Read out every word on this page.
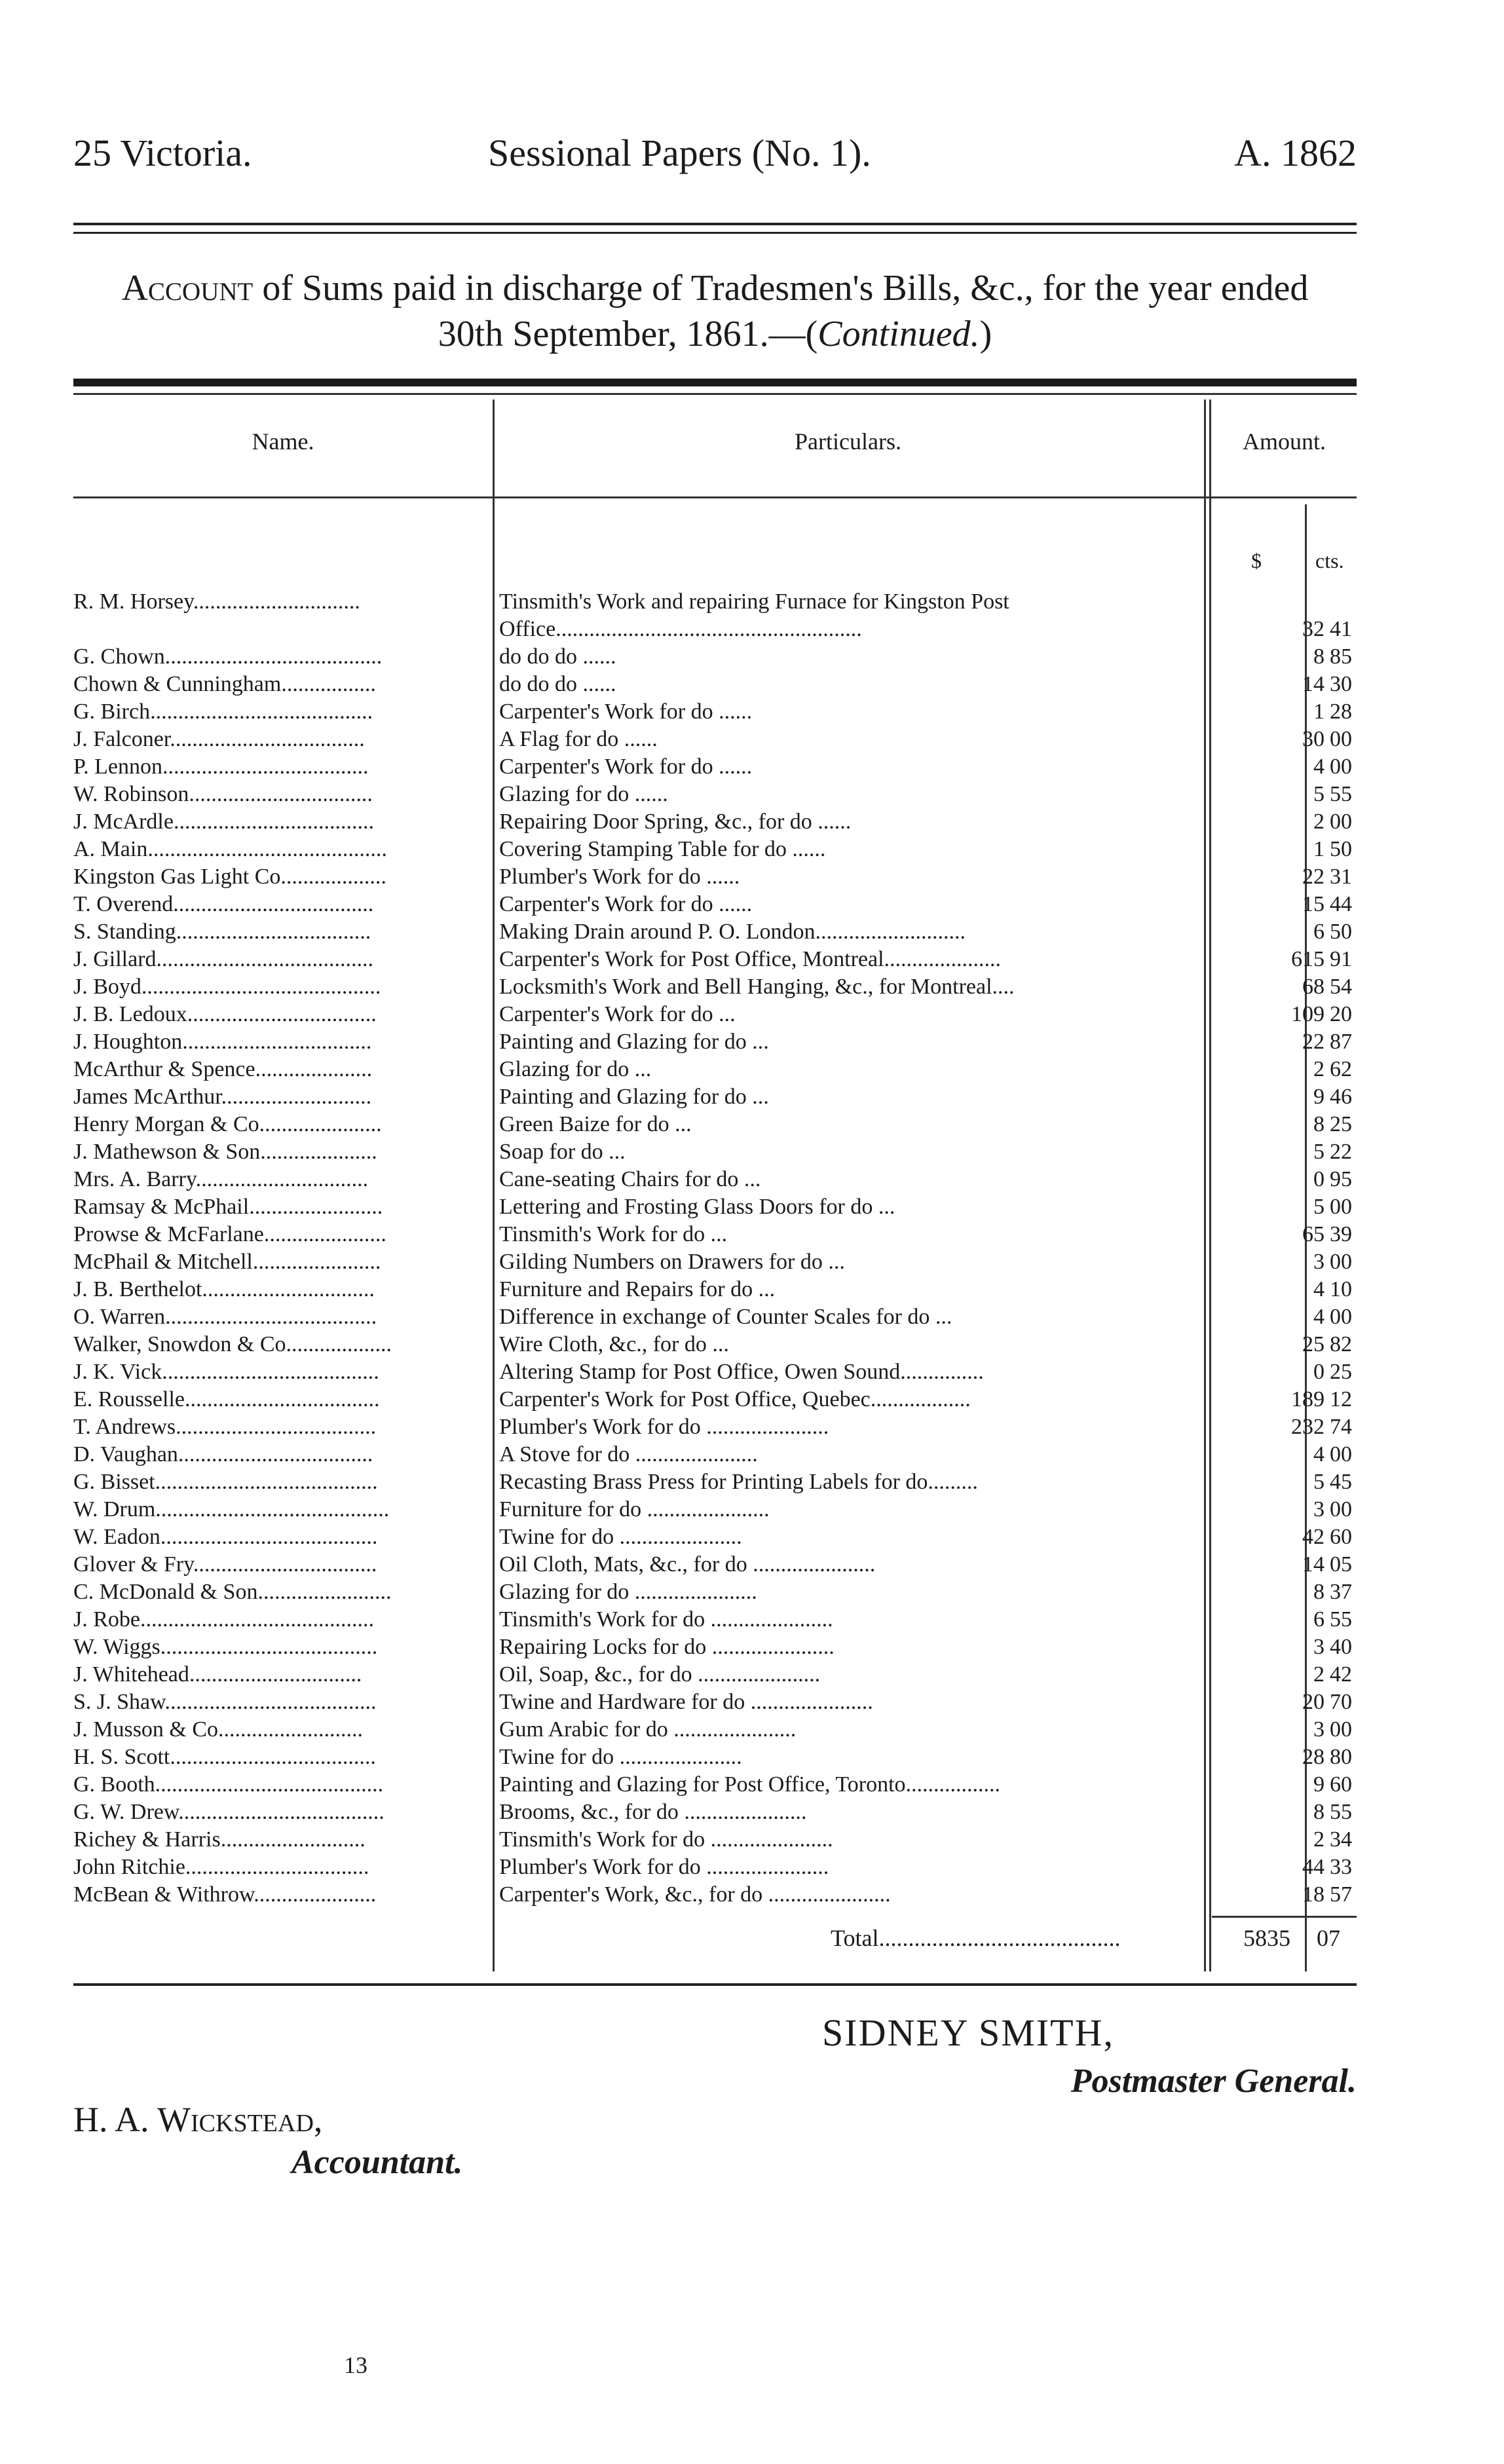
25 Victoria.	Sessional Papers (No. 1).	A. 1862
Account of Sums paid in discharge of Tradesmen's Bills, &c., for the year ended
30th September, 1861.—(Continued.)
Name.	Particulars.	Amount.
$	cts.
R. M. Horsey..............................	Tinsmith's Work and repairing Furnace for Kingston Post
Office.......................................................	32 41
G. Chown.......................................	do do do ......	8 85
Chown & Cunningham.................	do do do ......	14 30
G. Birch........................................	Carpenter's Work for do ......	1 28
J. Falconer...................................	A Flag for do ......	30 00
P. Lennon.....................................	Carpenter's Work for do ......	4 00
W. Robinson.................................	Glazing for do ......	5 55
J. McArdle....................................	Repairing Door Spring, &c., for do ......	2 00
A. Main...........................................	Covering Stamping Table for do ......	1 50
Kingston Gas Light Co...................	Plumber's Work for do ......	22 31
T. Overend....................................	Carpenter's Work for do ......	15 44
S. Standing...................................	Making Drain around P. O. London...........................	6 50
J. Gillard.......................................	Carpenter's Work for Post Office, Montreal.....................	615 91
J. Boyd...........................................	Locksmith's Work and Bell Hanging, &c., for Montreal....	68 54
J. B. Ledoux..................................	Carpenter's Work for do ...	109 20
J. Houghton..................................	Painting and Glazing for do ...	22 87
McArthur & Spence.....................	Glazing for do ...	2 62
James McArthur...........................	Painting and Glazing for do ...	9 46
Henry Morgan & Co......................	Green Baize for do ...	8 25
J. Mathewson & Son.....................	Soap for do ...	5 22
Mrs. A. Barry...............................	Cane-seating Chairs for do ...	0 95
Ramsay & McPhail........................	Lettering and Frosting Glass Doors for do ...	5 00
Prowse & McFarlane......................	Tinsmith's Work for do ...	65 39
McPhail & Mitchell.......................	Gilding Numbers on Drawers for do ...	3 00
J. B. Berthelot...............................	Furniture and Repairs for do ...	4 10
O. Warren......................................	Difference in exchange of Counter Scales for do ...	4 00
Walker, Snowdon & Co...................	Wire Cloth, &c., for do ...	25 82
J. K. Vick.......................................	Altering Stamp for Post Office, Owen Sound...............	0 25
E. Rousselle...................................	Carpenter's Work for Post Office, Quebec..................	189 12
T. Andrews....................................	Plumber's Work for do ......................	232 74
D. Vaughan...................................	A Stove for do ......................	4 00
G. Bisset........................................	Recasting Brass Press for Printing Labels for do.........	5 45
W. Drum..........................................	Furniture for do ......................	3 00
W. Eadon.......................................	Twine for do ......................	42 60
Glover & Fry.................................	Oil Cloth, Mats, &c., for do ......................	14 05
C. McDonald & Son........................	Glazing for do ......................	8 37
J. Robe..........................................	Tinsmith's Work for do ......................	6 55
W. Wiggs.......................................	Repairing Locks for do ......................	3 40
J. Whitehead...............................	Oil, Soap, &c., for do ......................	2 42
S. J. Shaw......................................	Twine and Hardware for do ......................	20 70
J. Musson & Co..........................	Gum Arabic for do ......................	3 00
H. S. Scott.....................................	Twine for do ......................	28 80
G. Booth.........................................	Painting and Glazing for Post Office, Toronto.................	9 60
G. W. Drew.....................................	Brooms, &c., for do ......................	8 55
Richey & Harris..........................	Tinsmith's Work for do ......................	2 34
John Ritchie.................................	Plumber's Work for do ......................	44 33
McBean & Withrow......................	Carpenter's Work, &c., for do ......................	18 57
Total.........................................	5835 07
SIDNEY SMITH,
Postmaster General.
H. A. Wickstead,
Accountant.
13
